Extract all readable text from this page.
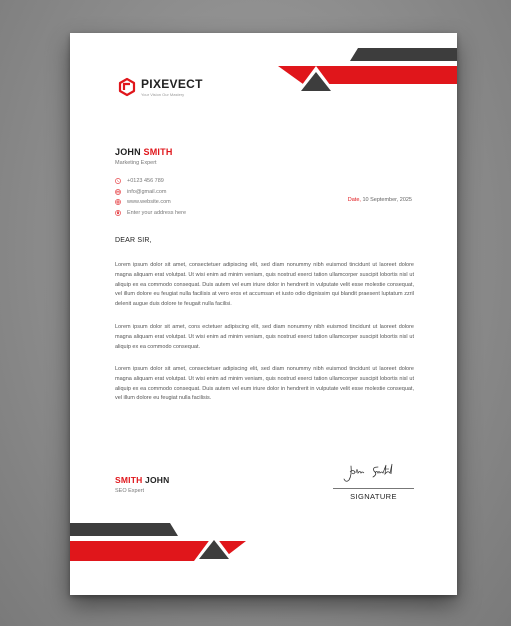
PIXEVECT
Your Vision Our Mastery
JOHN SMITH
Marketing Expert
+0123 456 789
info@gmail.com
www.website.com
Enter your address here
Date, 10 September, 2025
DEAR SIR,
Lorem ipsum dolor sit amet, consectetuer adipiscing elit, sed diam nonummy nibh euismod tincidunt ut laoreet dolore magna aliquam erat volutpat. Ut wisi enim ad minim veniam, quis nostrud exerci tation ullamcorper suscipit lobortis nisl ut aliquip ex ea commodo consequat. Duis autem vel eum iriure dolor in hendrerit in vulputate velit esse molestie consequat, vel illum dolore eu feugiat nulla facilisis at vero eros et accumsan et iusto odio dignissim qui blandit praesent luptatum zzril delenit augue duis dolore te feugait nulla facilisi.
Lorem ipsum dolor sit amet, cons ectetuer adipiscing elit, sed diam nonummy nibh euismod tincidunt ut laoreet dolore magna aliquam erat volutpat. Ut wisi enim ad minim veniam, quis nostrud exerci tation ullamcorper suscipit lobortis nisl ut aliquip ex ea commodo consequat.
Lorem ipsum dolor sit amet, consectetuer adipiscing elit, sed diam nonummy nibh euismod tincidunt ut laoreet dolore magna aliquam erat volutpat. Ut wisi enim ad minim veniam, quis nostrud exerci tation ullamcorper suscipit lobortis nisl ut aliquip ex ea commodo consequat. Duis autem vel eum iriure dolor in hendrerit in vulputate velit esse molestie consequat, vel illum dolore eu feugiat nulla facilisis.
SMITH JOHN
SEO Expert
SIGNATURE
